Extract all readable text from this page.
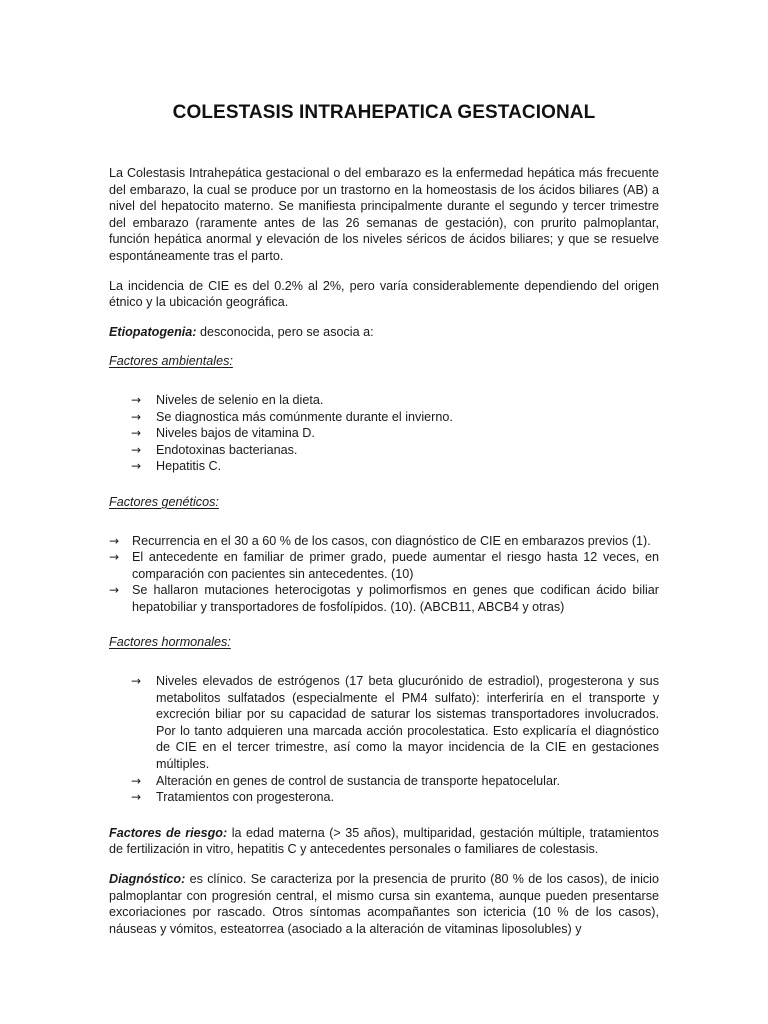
COLESTASIS INTRAHEPATICA GESTACIONAL

La Colestasis Intrahepática gestacional o del embarazo es la enfermedad hepática más frecuente del embarazo, la cual se produce por un trastorno en la homeostasis de los ácidos biliares (AB) a nivel del hepatocito materno. Se manifiesta principalmente durante el segundo y tercer trimestre del embarazo (raramente antes de las 26 semanas de gestación), con prurito palmoplantar, función hepática anormal y elevación de los niveles séricos de ácidos biliares; y que se resuelve espontáneamente tras el parto.

La incidencia de CIE es del 0.2% al 2%, pero varía considerablemente dependiendo del origen étnico y la ubicación geográfica.

Etiopatogenia: desconocida, pero se asocia a:

Factores ambientales:

→ Niveles de selenio en la dieta.
→ Se diagnostica más comúnmente durante el invierno.
→ Niveles bajos de vitamina D.
→ Endotoxinas bacterianas.
→ Hepatitis C.

Factores genéticos:

→ Recurrencia en el 30 a 60 % de los casos, con diagnóstico de CIE en embarazos previos (1).
→ El antecedente en familiar de primer grado, puede aumentar el riesgo hasta 12 veces, en comparación con pacientes sin antecedentes. (10)
→ Se hallaron mutaciones heterocigotas y polimorfismos en genes que codifican ácido biliar hepatobiliar y transportadores de fosfolípidos. (10). (ABCB11, ABCB4 y otras)

Factores hormonales:

→ Niveles elevados de estrógenos (17 beta glucurónido de estradiol), progesterona y sus metabolitos sulfatados (especialmente el PM4 sulfato): interferiría en el transporte y excreción biliar por su capacidad de saturar los sistemas transportadores involucrados. Por lo tanto adquieren una marcada acción procolestatica. Esto explicaría el diagnóstico de CIE en el tercer trimestre, así como la mayor incidencia de la CIE en gestaciones múltiples.
→ Alteración en genes de control de sustancia de transporte hepatocelular.
→ Tratamientos con progesterona.

Factores de riesgo: la edad materna (> 35 años), multiparidad, gestación múltiple, tratamientos de fertilización in vitro, hepatitis C y antecedentes personales o familiares de colestasis.

Diagnóstico: es clínico. Se caracteriza por la presencia de prurito (80 % de los casos), de inicio palmoplantar con progresión central, el mismo cursa sin exantema, aunque pueden presentarse excoriaciones por rascado. Otros síntomas acompañantes son ictericia (10 % de los casos), náuseas y vómitos, esteatorrea (asociado a la alteración de vitaminas liposolubles) y
